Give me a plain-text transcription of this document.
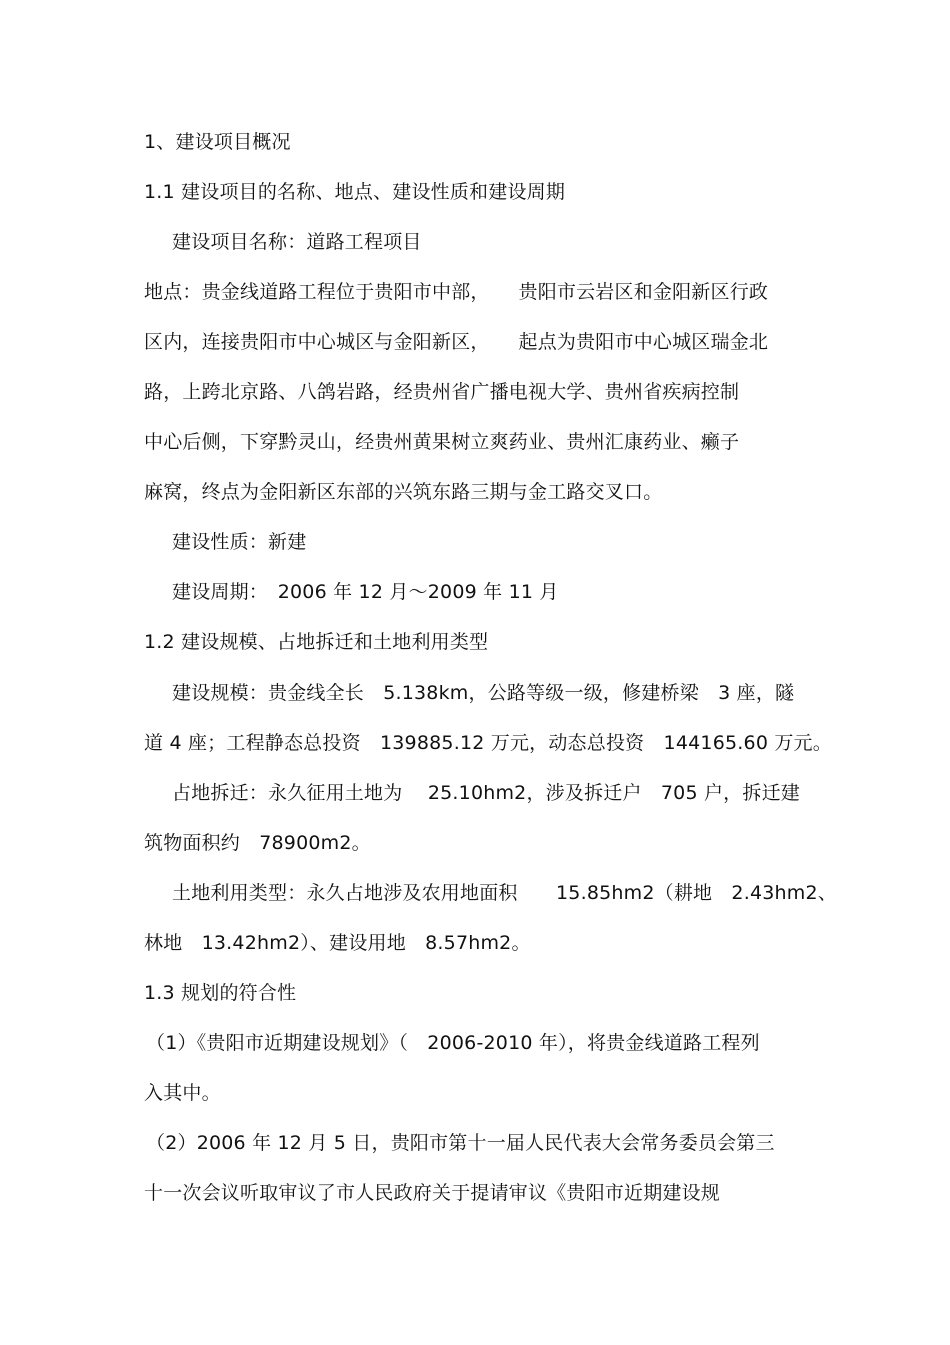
1、建设项目概况
1.1 建设项目的名称、地点、建设性质和建设周期
建设项目名称：道路工程项目
地点：贵金线道路工程位于贵阳市中部，　　贵阳市云岩区和金阳新区行政
区内，连接贵阳市中心城区与金阳新区，　　起点为贵阳市中心城区瑞金北
路，上跨北京路、八鸽岩路，经贵州省广播电视大学、贵州省疾病控制
中心后侧，下穿黔灵山，经贵州黄果树立爽药业、贵州汇康药业、癞子
麻窝，终点为金阳新区东部的兴筑东路三期与金工路交叉口。
建设性质：新建
建设周期：　2006 年 12 月～2009 年 11 月
1.2 建设规模、占地拆迁和土地利用类型
建设规模：贵金线全长　5.138km，公路等级一级，修建桥梁　3 座，隧
道 4 座；工程静态总投资　139885.12 万元，动态总投资　144165.60 万元。
占地拆迁：永久征用土地为　 25.10hm2，涉及拆迁户　705 户，拆迁建
筑物面积约　78900m2。
土地利用类型：永久占地涉及农用地面积　　15.85hm2（耕地　2.43hm2、
林地　13.42hm2）、建设用地　8.57hm2。
1.3 规划的符合性
（1）《贵阳市近期建设规划》（　2006-2010 年），将贵金线道路工程列
入其中。
（2）2006 年 12 月 5 日，贵阳市第十一届人民代表大会常务委员会第三
十一次会议听取审议了市人民政府关于提请审议《贵阳市近期建设规
